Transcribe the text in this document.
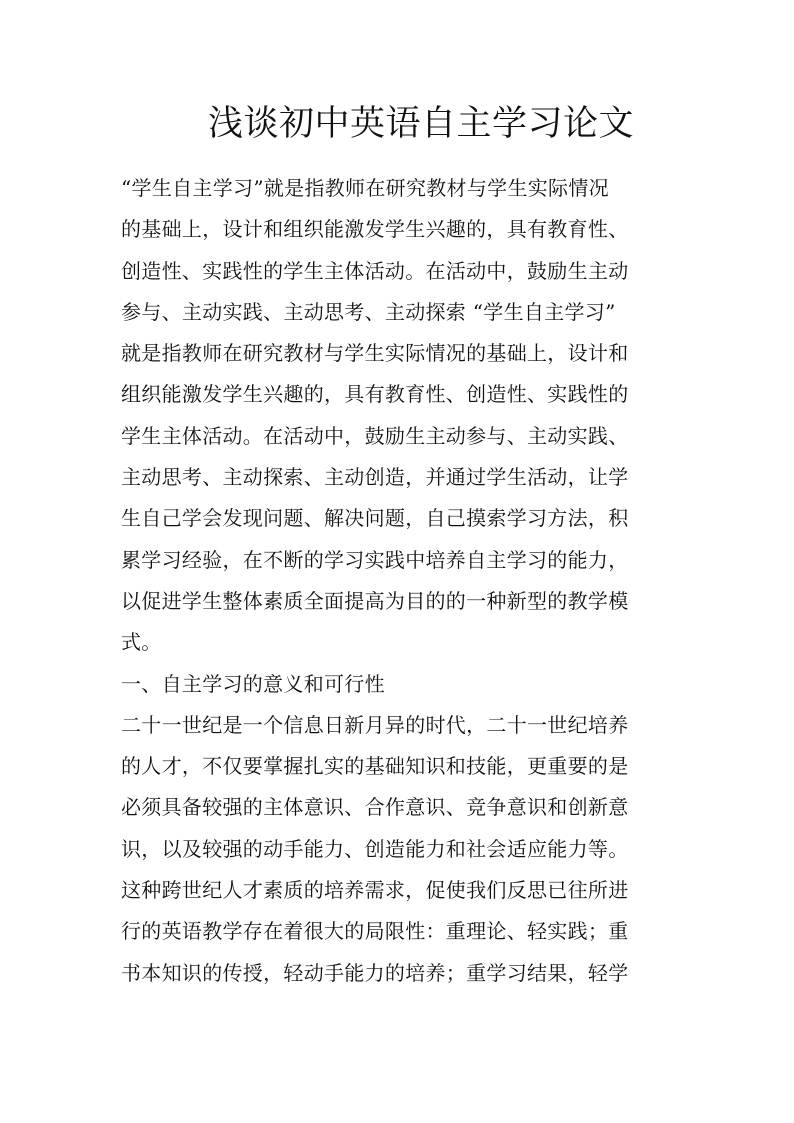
浅谈初中英语自主学习论文
“学生自主学习”就是指教师在研究教材与学生实际情况
的基础上，设计和组织能激发学生兴趣的，具有教育性、
创造性、实践性的学生主体活动。在活动中，鼓励生主动
参与、主动实践、主动思考、主动探索 “学生自主学习”
就是指教师在研究教材与学生实际情况的基础上，设计和
组织能激发学生兴趣的，具有教育性、创造性、实践性的
学生主体活动。在活动中，鼓励生主动参与、主动实践、
主动思考、主动探索、主动创造，并通过学生活动，让学
生自己学会发现问题、解决问题，自己摸索学习方法，积
累学习经验，在不断的学习实践中培养自主学习的能力，
以促进学生整体素质全面提高为目的的一种新型的教学模
式。
一、自主学习的意义和可行性
二十一世纪是一个信息日新月异的时代，二十一世纪培养
的人才，不仅要掌握扎实的基础知识和技能，更重要的是
必须具备较强的主体意识、合作意识、竞争意识和创新意
识，以及较强的动手能力、创造能力和社会适应能力等。
这种跨世纪人才素质的培养需求，促使我们反思已往所进
行的英语教学存在着很大的局限性：重理论、轻实践；重
书本知识的传授，轻动手能力的培养；重学习结果，轻学
